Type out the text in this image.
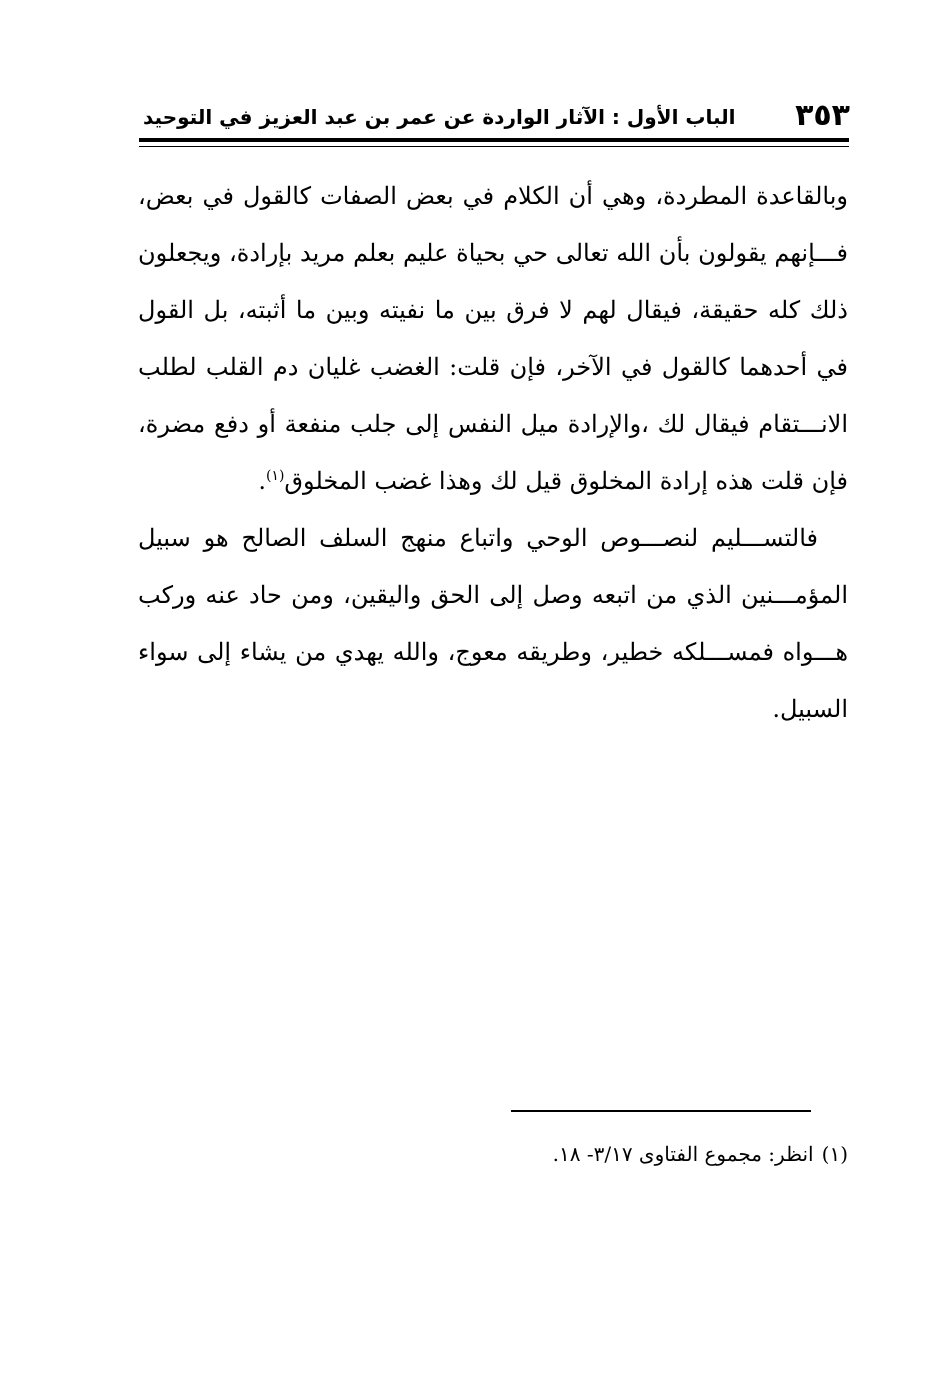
٣٥٣
الباب الأول : الآثار الواردة عن عمر بن عبد العزيز في التوحيد

وبالقاعدة المطردة، وهي أن الكلام في بعض الصفات كالقول في بعض، فـــإنهم يقولون بأن الله تعالى حي بحياة عليم بعلم مريد بإرادة، ويجعلون ذلك كله حقيقة، فيقال لهم لا فرق بين ما نفيته وبين ما أثبته، بل القول في أحدهما كالقول في الآخر، فإن قلت: الغضب غليان دم القلب لطلب الانـــتقام فيقال لك ،والإرادة ميل النفس إلى جلب منفعة أو دفع مضرة، فإن قلت هذه إرادة المخلوق قيل لك وهذا غضب المخلوق$^{(١)}$.

فالتســـليم لنصـــوص الوحي واتباع منهج السلف الصالح هو سبيل المؤمـــنين الذي من اتبعه وصل إلى الحق واليقين، ومن حاد عنه وركب هـــواه فمســـلكه خطير، وطريقه معوج، والله يهدي من يشاء إلى سواء السبيل.

(١)انظر: مجموع الفتاوى ٣/١٧- ١٨.
